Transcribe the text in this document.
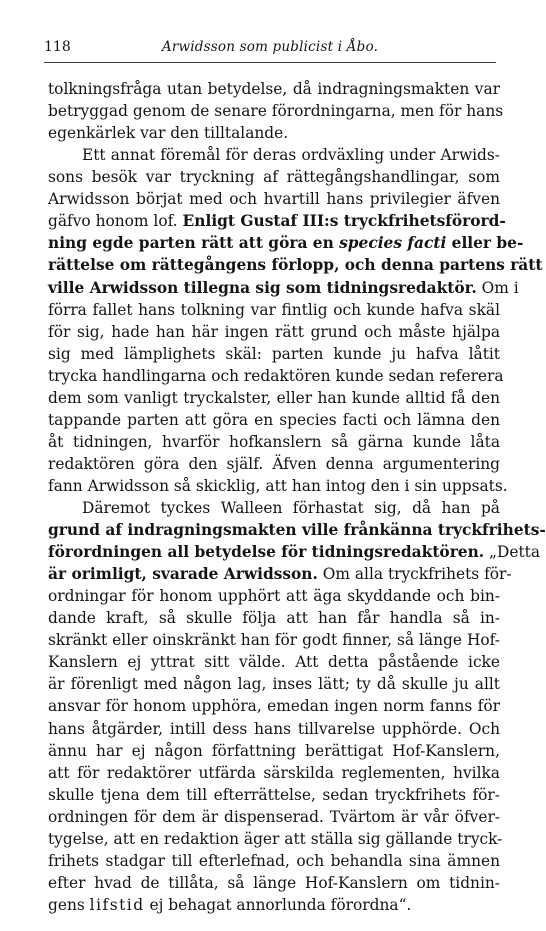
118	Arwidsson som publicist i Åbo.
tolkningsfråga utan betydelse, då indragningsmakten var
betryggad genom de senare förordningarna, men för hans
egenkärlek var den tilltalande.
Ett annat föremål för deras ordväxling under Arwids-
sons besök var tryckning af rättegångshandlingar, som
Arwidsson börjat med och hvartill hans privilegier äfven
gäfvo honom lof. Enligt Gustaf III:s tryckfrihetsförord-
ning egde parten rätt att göra en species facti eller be-
rättelse om rättegångens förlopp, och denna partens rätt
ville Arwidsson tillegna sig som tidningsredaktör. Om i
förra fallet hans tolkning var fintlig och kunde hafva skäl
för sig, hade han här ingen rätt grund och måste hjälpa
sig med lämplighets skäl: parten kunde ju hafva låtit
trycka handlingarna och redaktören kunde sedan referera
dem som vanligt tryckalster, eller han kunde alltid få den
tappande parten att göra en species facti och lämna den
åt tidningen, hvarför hofkanslern så gärna kunde låta
redaktören göra den själf. Äfven denna argumentering
fann Arwidsson så skicklig, att han intog den i sin uppsats.
Däremot tyckes Walleen förhastat sig, då han på
grund af indragningsmakten ville frånkänna tryckfrihets-
förordningen all betydelse för tidningsredaktören. „Detta
är orimligt, svarade Arwidsson. Om alla tryckfrihets för-
ordningar för honom upphört att äga skyddande och bin-
dande kraft, så skulle följa att han får handla så in-
skränkt eller oinskränkt han för godt finner, så länge Hof-
Kanslern ej yttrat sitt välde. Att detta påstående icke
är förenligt med någon lag, inses lätt; ty då skulle ju allt
ansvar för honom upphöra, emedan ingen norm fanns för
hans åtgärder, intill dess hans tillvarelse upphörde. Och
ännu har ej någon författning berättigat Hof-Kanslern,
att för redaktörer utfärda särskilda reglementen, hvilka
skulle tjena dem till efterrättelse, sedan tryckfrihets för-
ordningen för dem är dispenserad. Tvärtom är vår öfver-
tygelse, att en redaktion äger att ställa sig gällande tryck-
frihets stadgar till efterlefnad, och behandla sina ämnen
efter hvad de tillåta, så länge Hof-Kanslern om tidnin-
gens lifstid ej behagat annorlunda förordna“.
